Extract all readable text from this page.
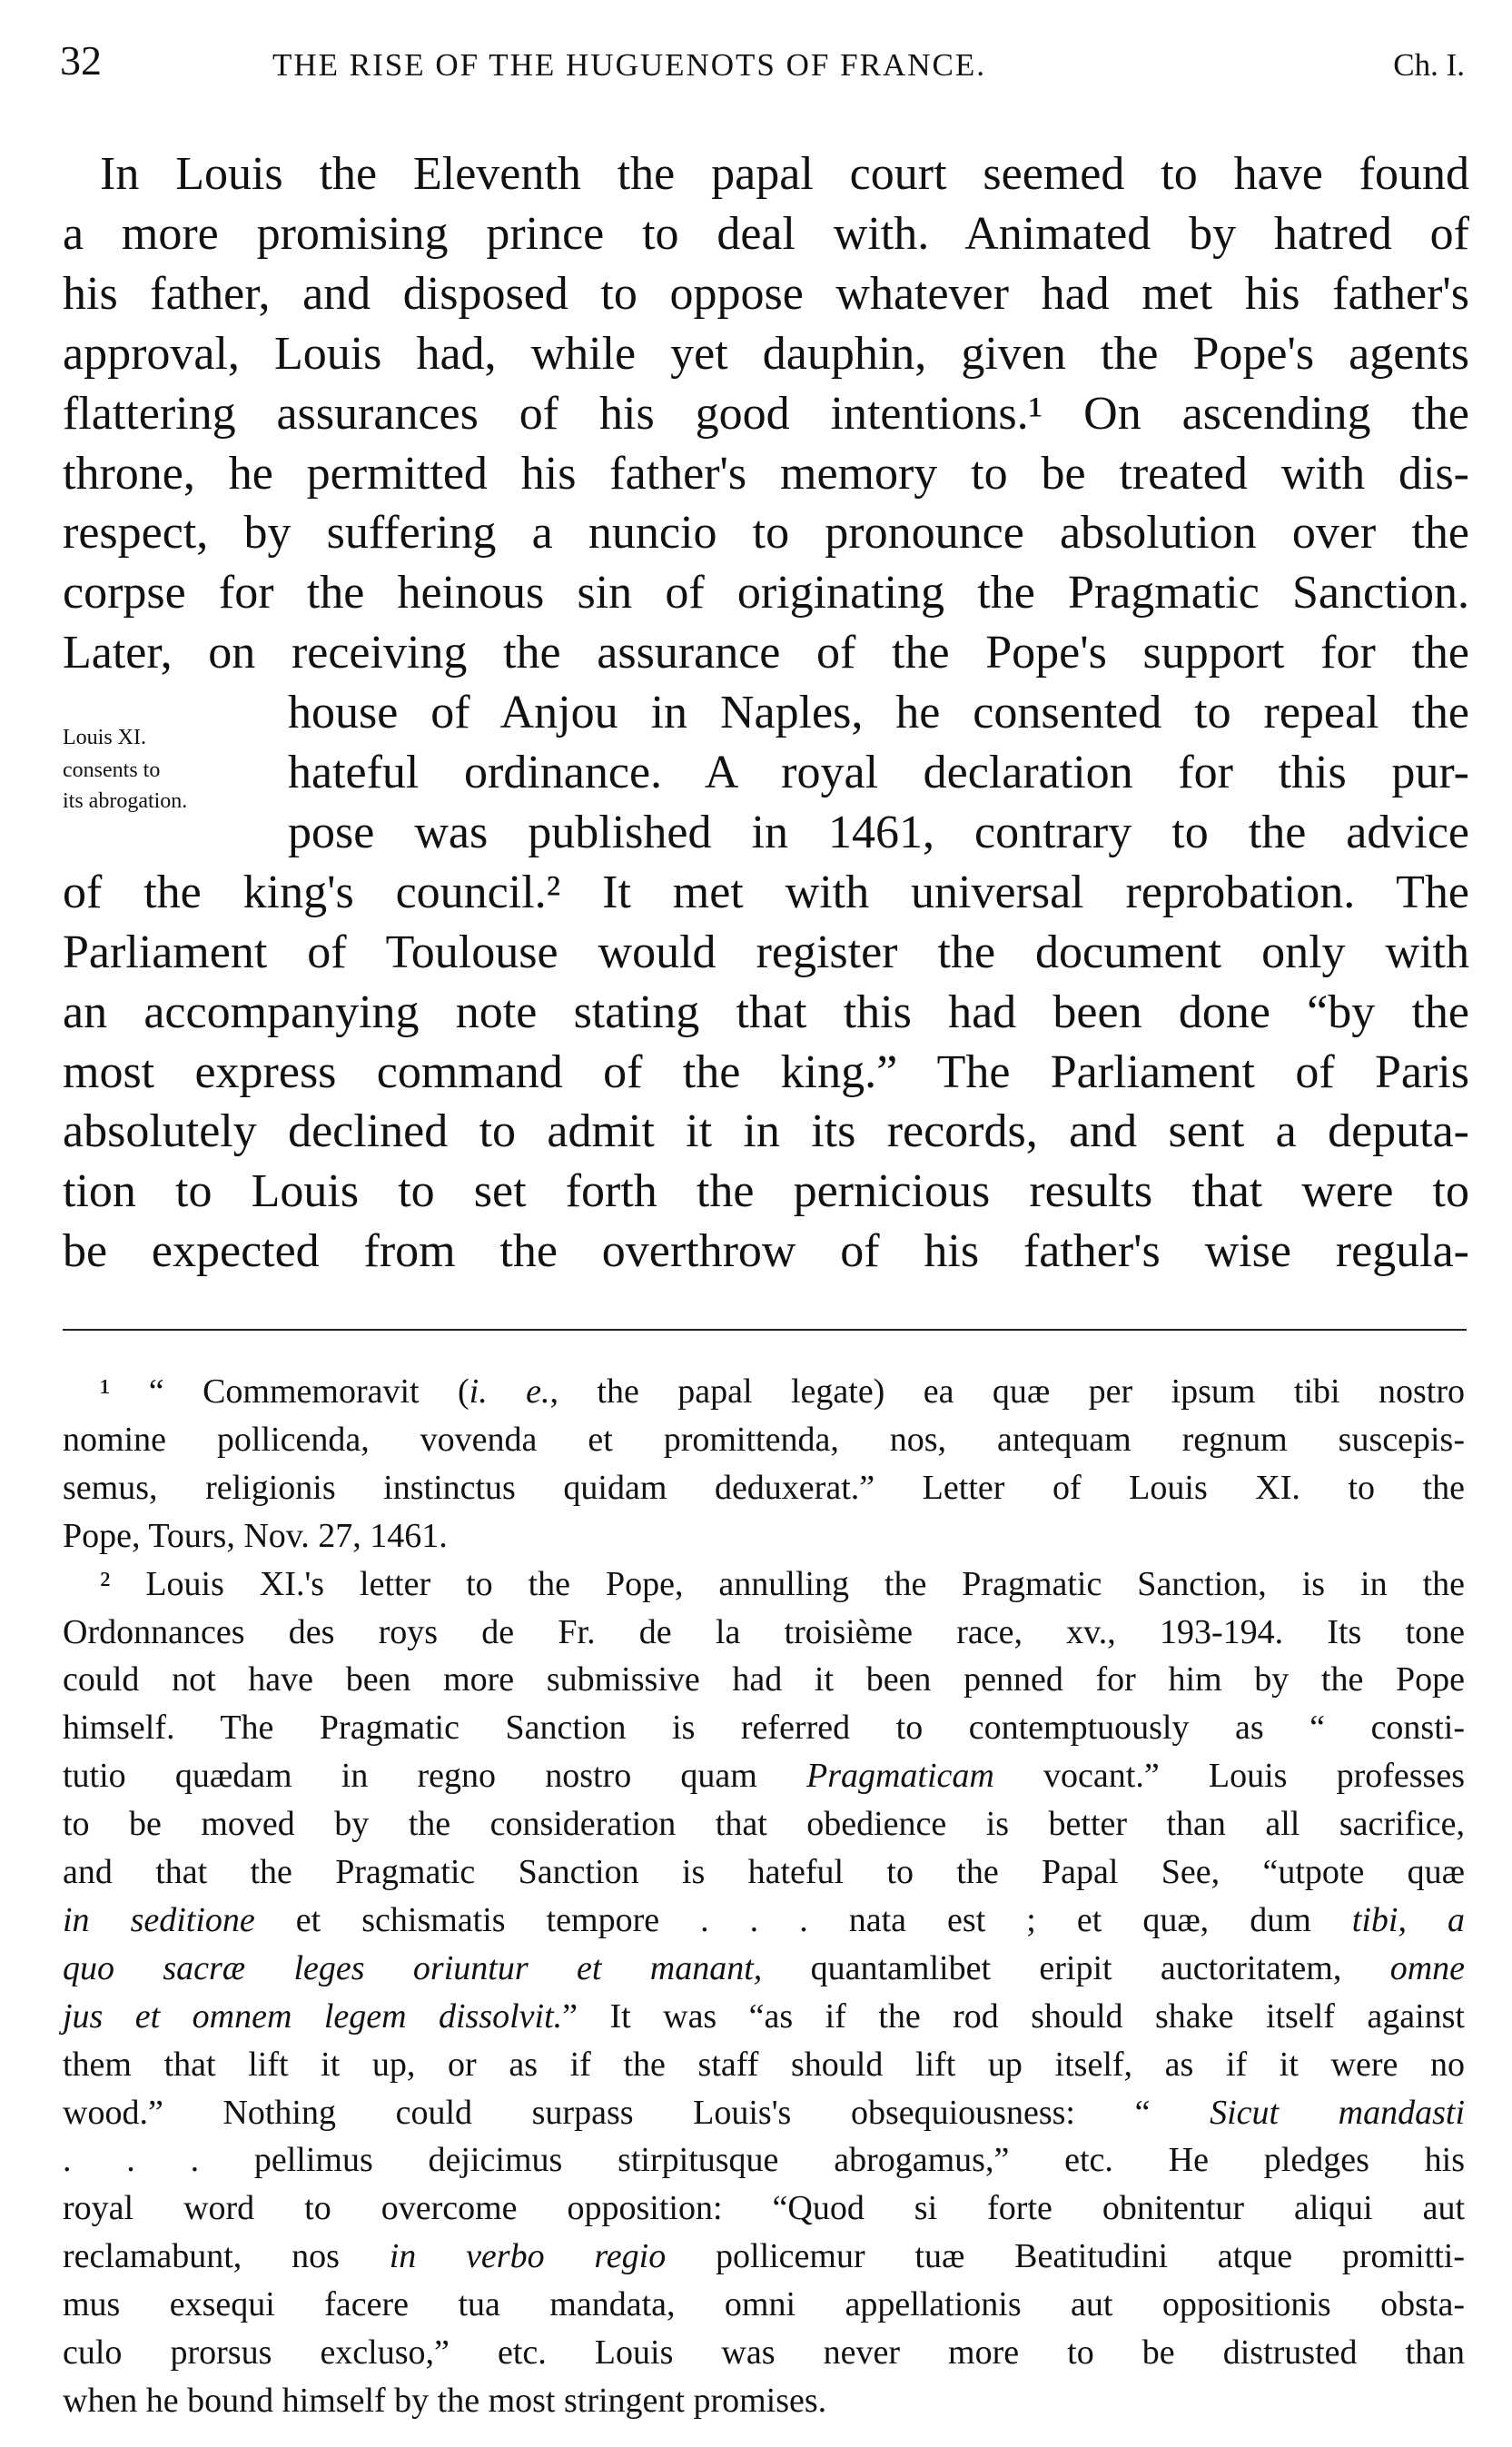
32	THE RISE OF THE HUGUENOTS OF FRANCE.	Ch. I.
In Louis the Eleventh the papal court seemed to have found
a more promising prince to deal with. Animated by hatred of
his father, and disposed to oppose whatever had met his father's
approval, Louis had, while yet dauphin, given the Pope's agents
flattering assurances of his good intentions.¹ On ascending the
throne, he permitted his father's memory to be treated with dis-
respect, by suffering a nuncio to pronounce absolution over the
corpse for the heinous sin of originating the Pragmatic Sanction.
Later, on receiving the assurance of the Pope's support for the
house of Anjou in Naples, he consented to repeal the
hateful ordinance. A royal declaration for this pur-
pose was published in 1461, contrary to the advice
of the king's council.² It met with universal reprobation. The
Parliament of Toulouse would register the document only with
an accompanying note stating that this had been done “by the
most express command of the king.” The Parliament of Paris
absolutely declined to admit it in its records, and sent a deputa-
tion to Louis to set forth the pernicious results that were to
be expected from the overthrow of his father's wise regula-
Louis XI.
consents to
its abrogation.
¹ “ Commemoravit (i. e., the papal legate) ea quæ per ipsum tibi nostro
nomine pollicenda, vovenda et promittenda, nos, antequam regnum suscepis-
semus, religionis instinctus quidam deduxerat.” Letter of Louis XI. to the
Pope, Tours, Nov. 27, 1461.
² Louis XI.'s letter to the Pope, annulling the Pragmatic Sanction, is in the
Ordonnances des roys de Fr. de la troisième race, xv., 193-194. Its tone
could not have been more submissive had it been penned for him by the Pope
himself. The Pragmatic Sanction is referred to contemptuously as “ consti-
tutio quædam in regno nostro quam Pragmaticam vocant.” Louis professes
to be moved by the consideration that obedience is better than all sacrifice,
and that the Pragmatic Sanction is hateful to the Papal See, “utpote quæ
in seditione et schismatis tempore . . . nata est ; et quæ, dum tibi, a
quo sacræ leges oriuntur et manant, quantamlibet eripit auctoritatem, omne
jus et omnem legem dissolvit.” It was “as if the rod should shake itself against
them that lift it up, or as if the staff should lift up itself, as if it were no
wood.” Nothing could surpass Louis's obsequiousness: “ Sicut mandasti
. . . pellimus dejicimus stirpitusque abrogamus,” etc. He pledges his
royal word to overcome opposition: “Quod si forte obnitentur aliqui aut
reclamabunt, nos in verbo regio pollicemur tuæ Beatitudini atque promitti-
mus exsequi facere tua mandata, omni appellationis aut oppositionis obsta-
culo prorsus excluso,” etc. Louis was never more to be distrusted than
when he bound himself by the most stringent promises.
